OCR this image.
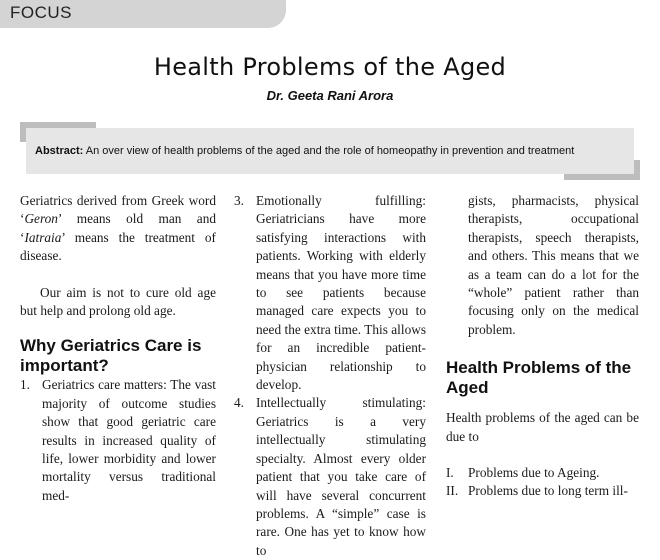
FOCUS
Health Problems of the Aged
Dr. Geeta Rani Arora
Abstract: An over view of health problems of the aged and the role of homeopathy in prevention and treatment

Geriatrics derived from Greek word ‘Geron’ means old man and ‘Iatraia’ means the treatment of disease.

Our aim is not to cure old age but help and prolong old age.

Why Geriatrics Care is important?
1. Geriatrics care matters: The vast majority of outcome studies show that good geriatric care results in increased quality of life, lower morbidity and lower mortality versus traditional med-
3. Emotionally fulfilling: Geriatricians have more satisfying interactions with patients. Working with elderly means that you have more time to see patients because managed care expects you to need the extra time. This allows for an incredible patient-physician relationship to develop.
4. Intellectually stimulating: Geriatrics is a very intellectually stimulating specialty. Almost every older patient that you take care of will have several concurrent problems. A “simple” case is rare. One has yet to know how to

gists, pharmacists, physical therapists, occupational therapists, speech therapists, and others. This means that we as a team can do a lot for the “whole” patient rather than focusing only on the medical problem.

Health Problems of the Aged

Health problems of the aged can be due to

I. Problems due to Ageing.
II. Problems due to long term ill-
